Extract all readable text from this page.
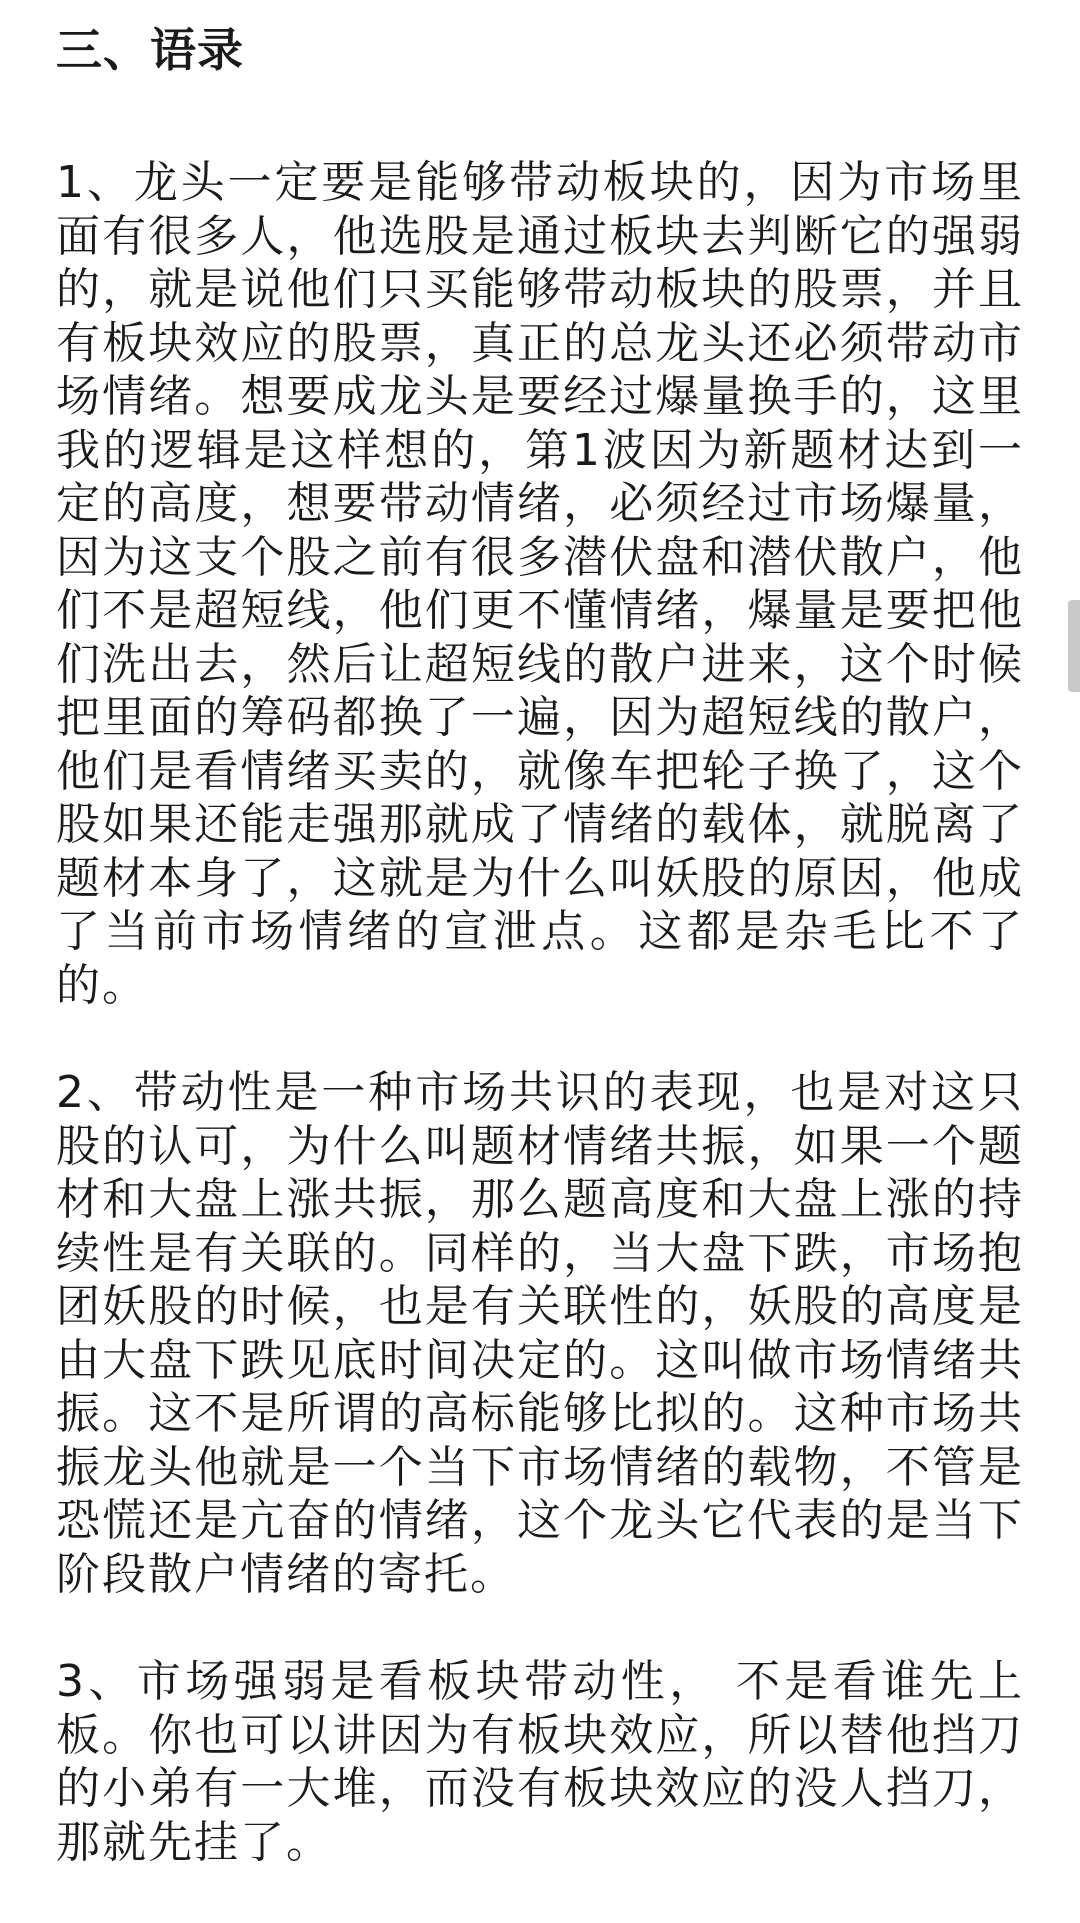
三、语录

1、龙头一定要是能够带动板块的，因为市场里面有很多人，他选股是通过板块去判断它的强弱的，就是说他们只买能够带动板块的股票，并且有板块效应的股票，真正的总龙头还必须带动市场情绪。想要成龙头是要经过爆量换手的，这里我的逻辑是这样想的，第1波因为新题材达到一定的高度，想要带动情绪，必须经过市场爆量，因为这支个股之前有很多潜伏盘和潜伏散户，他们不是超短线，他们更不懂情绪，爆量是要把他们洗出去，然后让超短线的散户进来，这个时候把里面的筹码都换了一遍，因为超短线的散户，他们是看情绪买卖的，就像车把轮子换了，这个股如果还能走强那就成了情绪的载体，就脱离了题材本身了，这就是为什么叫妖股的原因，他成了当前市场情绪的宣泄点。这都是杂毛比不了的。

2、带动性是一种市场共识的表现，也是对这只股的认可，为什么叫题材情绪共振，如果一个题材和大盘上涨共振，那么题高度和大盘上涨的持续性是有关联的。同样的，当大盘下跌，市场抱团妖股的时候，也是有关联性的，妖股的高度是由大盘下跌见底时间决定的。这叫做市场情绪共振。这不是所谓的高标能够比拟的。这种市场共振龙头他就是一个当下市场情绪的载物，不管是恐慌还是亢奋的情绪，这个龙头它代表的是当下阶段散户情绪的寄托。

3、市场强弱是看板块带动性， 不是看谁先上板。你也可以讲因为有板块效应，所以替他挡刀的小弟有一大堆，而没有板块效应的没人挡刀，那就先挂了。
